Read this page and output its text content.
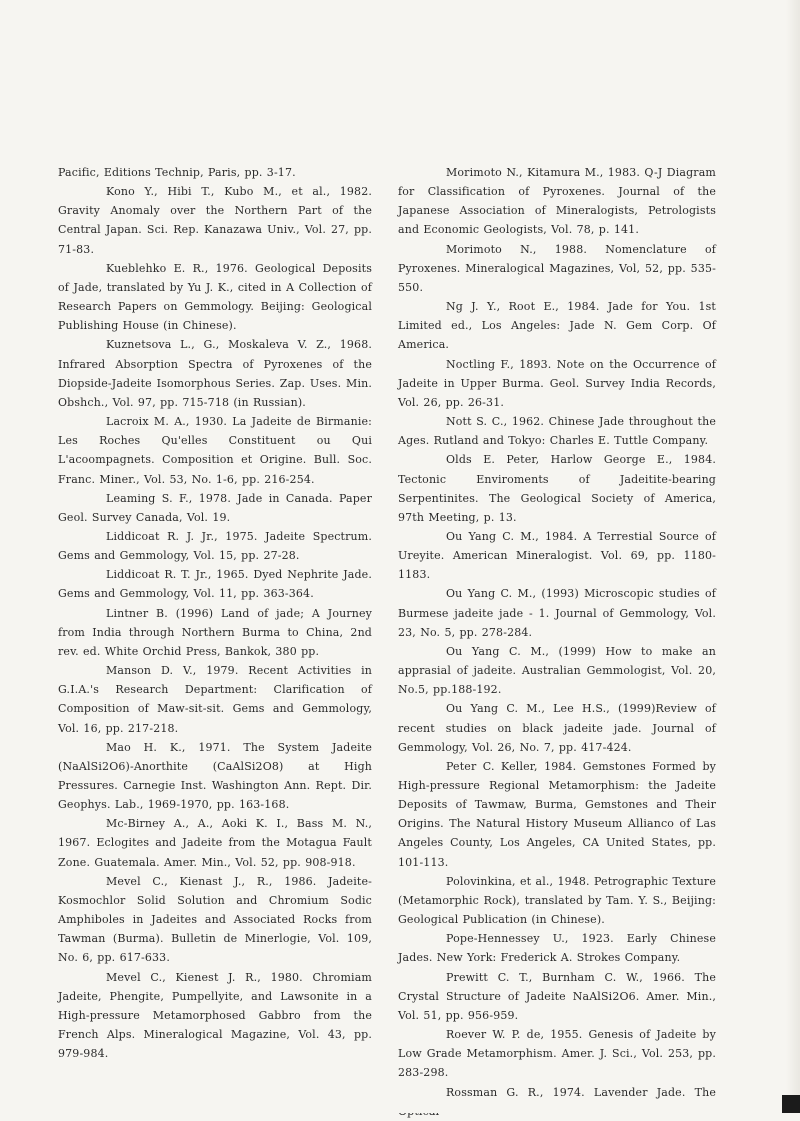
Pacific, Editions Technip, Paris, pp. 3-17.

Kono Y., Hibi T., Kubo M., et al., 1982. Gravity Anomaly over the Northern Part of the Central Japan. Sci. Rep. Kanazawa Univ., Vol. 27, pp. 71-83.

Kueblehko E. R., 1976. Geological Deposits of Jade, translated by Yu J. K., cited in A Collection of Research Papers on Gemmology. Beijing: Geological Publishing House (in Chinese).

Kuznetsova L., G., Moskaleva V. Z., 1968. Infrared Absorption Spectra of Pyroxenes of the Diopside-Jadeite Isomorphous Series. Zap. Uses. Min. Obshch., Vol. 97, pp. 715-718 (in Russian).

Lacroix M. A., 1930. La Jadeite de Birmanie: Les Roches Qu'elles Constituent ou Qui L'acoompagnets. Composition et Origine. Bull. Soc. Franc. Miner., Vol. 53, No. 1-6, pp. 216-254.

Leaming S. F., 1978. Jade in Canada. Paper Geol. Survey Canada, Vol. 19.

Liddicoat R. J. Jr., 1975. Jadeite Spectrum. Gems and Gemmology, Vol. 15, pp. 27-28.

Liddicoat R. T. Jr., 1965. Dyed Nephrite Jade. Gems and Gemmology, Vol. 11, pp. 363-364.

Lintner B. (1996) Land of jade; A Journey from India through Northern Burma to China, 2nd rev. ed. White Orchid Press, Bankok, 380 pp.

Manson D. V., 1979. Recent Activities in G.I.A.'s Research Department: Clarification of Composition of Maw-sit-sit. Gems and Gemmology, Vol. 16, pp. 217-218.

Mao H. K., 1971. The System Jadeite (NaAlSi2O6)-Anorthite (CaAlSi2O8) at High Pressures. Carnegie Inst. Washington Ann. Rept. Dir. Geophys. Lab., 1969-1970, pp. 163-168.

Mc-Birney A., A., Aoki K. I., Bass M. N., 1967. Eclogites and Jadeite from the Motagua Fault Zone. Guatemala. Amer. Min., Vol. 52, pp. 908-918.

Mevel C., Kienast J., R., 1986. Jadeite-Kosmochlor Solid Solution and Chromium Sodic Amphiboles in Jadeites and Associated Rocks from Tawman (Burma). Bulletin de Minerlogie, Vol. 109, No. 6, pp. 617-633.

Mevel C., Kienest J. R., 1980. Chromiam Jadeite, Phengite, Pumpellyite, and Lawsonite in a High-pressure Metamorphosed Gabbro from the French Alps. Mineralogical Magazine, Vol. 43, pp. 979-984.

Morimoto N., Kitamura M., 1983. Q-J Diagram for Classification of Pyroxenes. Journal of the Japanese Association of Mineralogists, Petrologists and Economic Geologists, Vol. 78, p. 141.

Morimoto N., 1988. Nomenclature of Pyroxenes. Mineralogical Magazines, Vol, 52, pp. 535-550.

Ng J. Y., Root E., 1984. Jade for You. 1st Limited ed., Los Angeles: Jade N. Gem Corp. Of America.

Noctling F., 1893. Note on the Occurrence of Jadeite in Upper Burma. Geol. Survey India Records, Vol. 26, pp. 26-31.

Nott S. C., 1962. Chinese Jade throughout the Ages. Rutland and Tokyo: Charles E. Tuttle Company.

Olds E. Peter, Harlow George E., 1984. Tectonic Enviroments of Jadeitite-bearing Serpentinites. The Geological Society of America, 97th Meeting, p. 13.

Ou Yang C. M., 1984. A Terrestial Source of Ureyite. American Mineralogist. Vol. 69, pp. 1180-1183.

Ou Yang C. M., (1993) Microscopic studies of Burmese jadeite jade - 1. Journal of Gemmology, Vol. 23, No. 5, pp. 278-284.

Ou Yang C. M., (1999) How to make an apprasial of jadeite. Australian Gemmologist, Vol. 20, No.5, pp.188-192.

Ou Yang C. M., Lee H.S., (1999)Review of recent studies on black jadeite jade. Journal of Gemmology, Vol. 26, No. 7, pp. 417-424.

Peter C. Keller, 1984. Gemstones Formed by High-pressure Regional Metamorphism: the Jadeite Deposits of Tawmaw, Burma, Gemstones and Their Origins. The Natural History Museum Allianco of Las Angeles County, Los Angeles, CA United States, pp. 101-113.

Polovinkina, et al., 1948. Petrographic Texture (Metamorphic Rock), translated by Tam. Y. S., Beijing: Geological Publication (in Chinese).

Pope-Hennessey U., 1923. Early Chinese Jades. New York: Frederick A. Strokes Company.

Prewitt C. T., Burnham C. W., 1966. The Crystal Structure of Jadeite NaAlSi2O6. Amer. Min., Vol. 51, pp. 956-959.

Roever W. P. de, 1955. Genesis of Jadeite by Low Grade Metamorphism. Amer. J. Sci., Vol. 253, pp. 283-298.

Rossman G. R., 1974. Lavender Jade. The
